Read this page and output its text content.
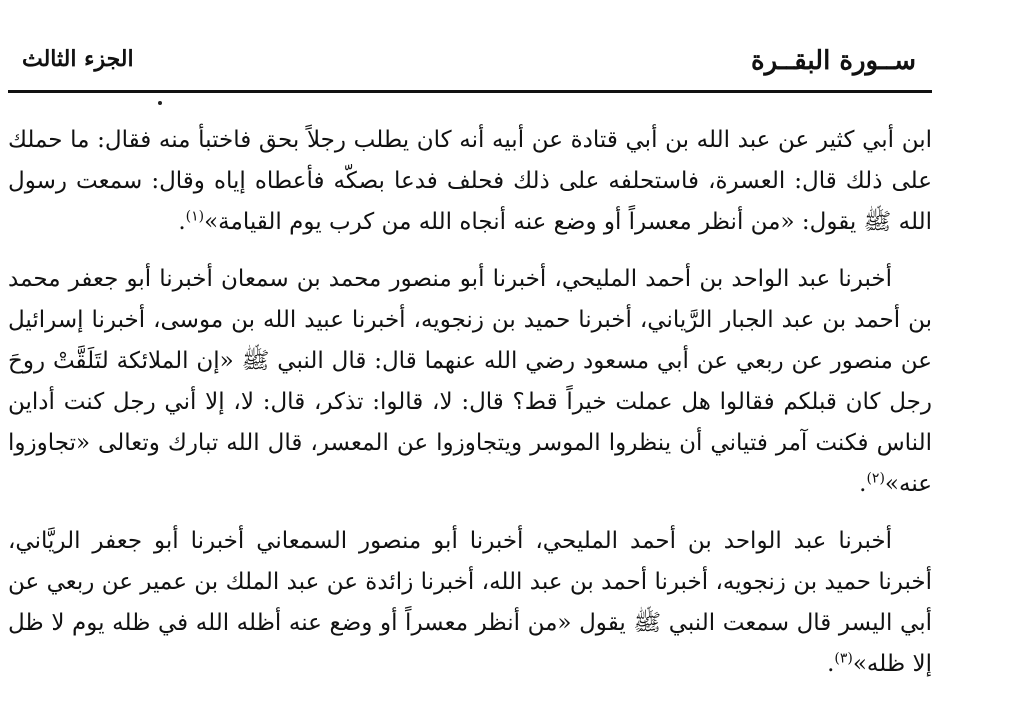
ســورة البقــرة
الجزء الثالث

ابن أبي كثير عن عبد الله بن أبي قتادة عن أبيه أنه كان يطلب رجلاً بحق فاختبأ منه فقال: ما حملك على ذلك قال: العسرة، فاستحلفه على ذلك فحلف فدعا بصكّه فأعطاه إياه وقال: سمعت رسول الله ﷺ يقول: «من أنظر معسراً أو وضع عنه أنجاه الله من كرب يوم القيامة»$^{(١)}$.

أخبرنا عبد الواحد بن أحمد المليحي، أخبرنا أبو منصور محمد بن سمعان أخبرنا أبو جعفر محمد بن أحمد بن عبد الجبار الرَّياني، أخبرنا حميد بن زنجويه، أخبرنا عبيد الله بن موسى، أخبرنا إسرائيل عن منصور عن ربعي عن أبي مسعود رضي الله عنهما قال: قال النبي ﷺ «إن الملائكة لتَلَقَّتْ روحَ رجل كان قبلكم فقالوا هل عملت خيراً قط؟ قال: لا، قالوا: تذكر، قال: لا، إلا أني رجل كنت أداين الناس فكنت آمر فتياني أن ينظروا الموسر ويتجاوزوا عن المعسر، قال الله تبارك وتعالى «تجاوزوا عنه»$^{(٢)}$.

أخبرنا عبد الواحد بن أحمد المليحي، أخبرنا أبو منصور السمعاني أخبرنا أبو جعفر الريَّاني، أخبرنا حميد بن زنجويه، أخبرنا أحمد بن عبد الله، أخبرنا زائدة عن عبد الملك بن عمير عن ربعي عن أبي اليسر قال سمعت النبي ﷺ يقول «من أنظر معسراً أو وضع عنه أظله الله في ظله يوم لا ظل إلا ظله»$^{(٣)}$.
